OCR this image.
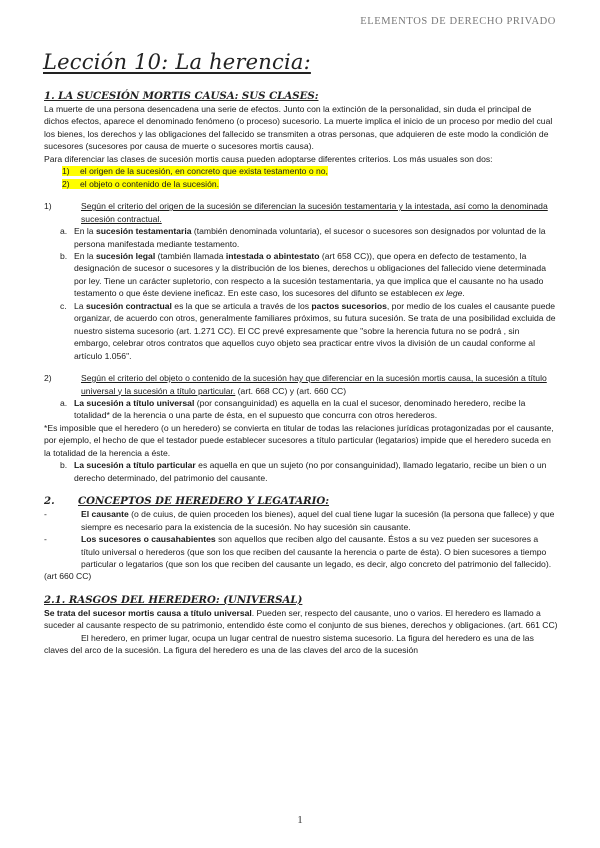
ELEMENTOS DE DERECHO PRIVADO
Lección 10: La herencia:

1. LA SUCESIÓN MORTIS CAUSA: SUS CLASES:

La muerte de una persona desencadena una serie de efectos. Junto con la extinción de la personalidad, sin duda el principal de dichos efectos, aparece el denominado fenómeno (o proceso) sucesorio. La muerte implica el inicio de un proceso por medio del cual los bienes, los derechos y las obligaciones del fallecido se transmiten a otras personas, que adquieren de este modo la condición de sucesores (sucesores por causa de muerte o sucesores mortis causa).

Para diferenciar las clases de sucesión mortis causa pueden adoptarse diferentes criterios. Los más usuales son dos:

1) el origen de la sucesión, en concreto que exista testamento o no,

2) el objeto o contenido de la sucesión.

1)	Según el criterio del origen de la sucesión se diferencian la sucesión testamentaria y la intestada, así como la denominada sucesión contractual.
a. En la sucesión testamentaria (también denominada voluntaria), el sucesor o sucesores son designados por voluntad de la persona manifestada mediante testamento.
b. En la sucesión legal (también llamada intestada o abintestato (art 658 CC)), que opera en defecto de testamento, la designación de sucesor o sucesores y la distribución de los bienes, derechos u obligaciones del fallecido viene determinada por ley. Tiene un carácter supletorio, con respecto a la sucesión testamentaria, ya que implica que el causante no ha usado testamento o que éste deviene ineficaz. En este caso, los sucesores del difunto se establecen ex lege.
c. La sucesión contractual es la que se articula a través de los pactos sucesorios, por medio de los cuales el causante puede organizar, de acuerdo con otros, generalmente familiares próximos, su futura sucesión. Se trata de una posibilidad excluida de nuestro sistema sucesorio (art. 1.271 CC). El CC prevé expresamente que "sobre la herencia futura no se podrá , sin embargo, celebrar otros contratos que aquellos cuyo objeto sea practicar entre vivos la división de un caudal conforme al artículo 1.056".
2)	Según el criterio del objeto o contenido de la sucesión hay que diferenciar en la sucesión mortis causa, la sucesión a título universal y la sucesión a título particular. (art. 668 CC) y (art. 660 CC)
a. La sucesión a título universal (por consanguinidad) es aquella en la cual el sucesor, denominado heredero, recibe la totalidad* de la herencia o una parte de ésta, en el supuesto que concurra con otros herederos.

*Es imposible que el heredero (o un heredero) se convierta en titular de todas las relaciones jurídicas protagonizadas por el causante, por ejemplo, el hecho de que el testador puede establecer sucesores a título particular (legatarios) impide que el heredero suceda en la totalidad de la herencia a éste.

b. La sucesión a título particular es aquella en que un sujeto (no por consanguinidad), llamado legatario, recibe un bien o un derecho determinado, del patrimonio del causante.

2. CONCEPTOS DE HEREDERO Y LEGATARIO:

-	El causante (o de cuius, de quien proceden los bienes), aquel del cual tiene lugar la sucesión (la persona que fallece) y que siempre es necesario para la existencia de la sucesión. No hay sucesión sin causante.
-	Los sucesores o causahabientes son aquellos que reciben algo del causante. Éstos a su vez pueden ser sucesores a título universal o herederos (que son los que reciben del causante la herencia o parte de ésta). O bien sucesores a tiempo particular o legatarios (que son los que reciben del causante un legado, es decir, algo concreto del patrimonio del fallecido).

(art 660 CC)

2.1. RASGOS DEL HEREDERO: (UNIVERSAL)

Se trata del sucesor mortis causa a título universal. Pueden ser, respecto del causante, uno o varios. El heredero es llamado a suceder al causante respecto de su patrimonio, entendido éste como el conjunto de sus bienes, derechos y obligaciones. (art. 661 CC)

El heredero, en primer lugar, ocupa un lugar central de nuestro sistema sucesorio. La figura del heredero es una de las claves del arco de la sucesión. La figura del heredero es una de las claves del arco de la sucesión

1
